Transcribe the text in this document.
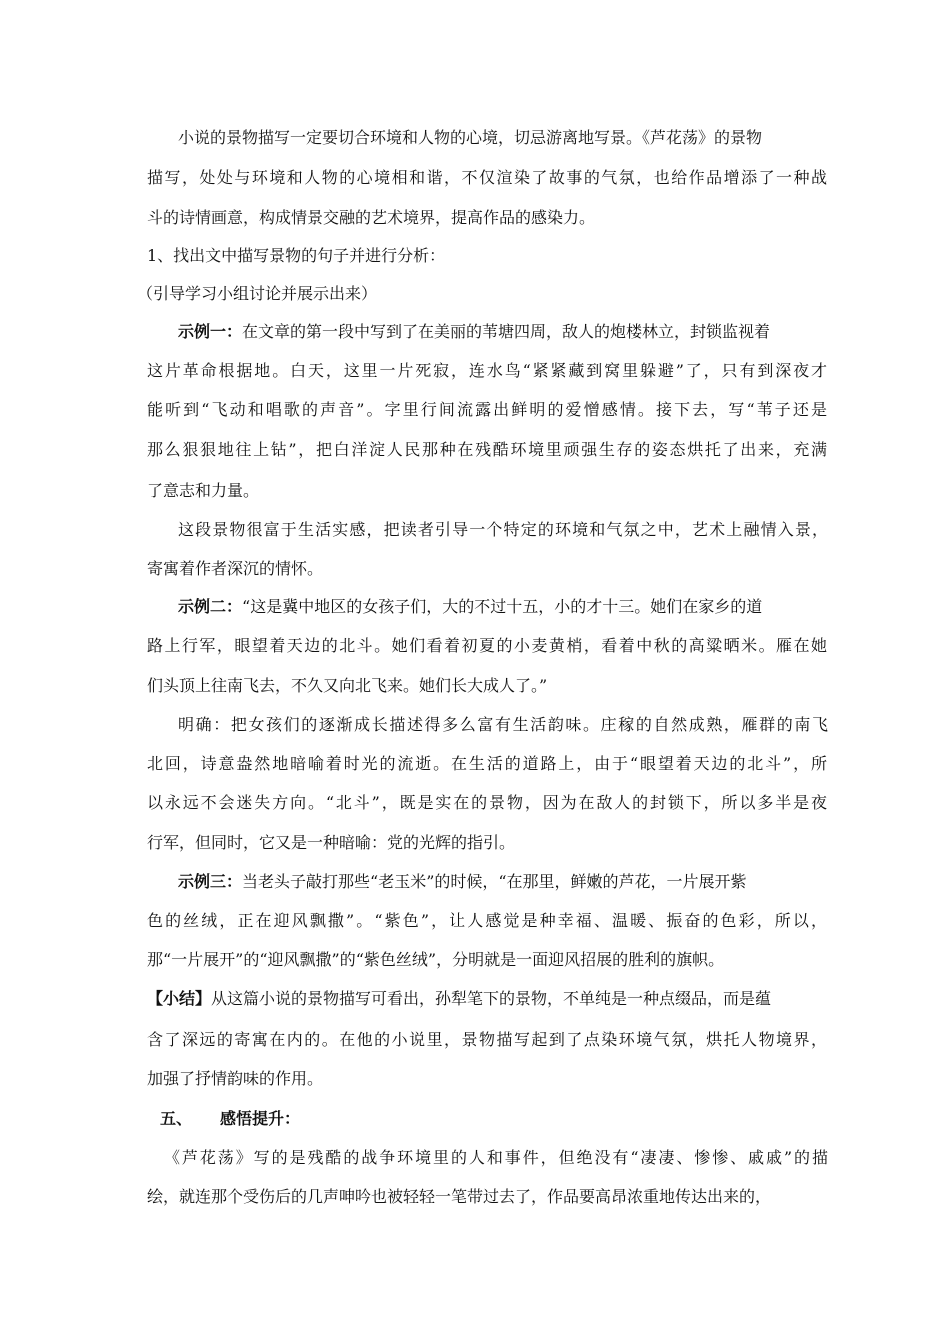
小说的景物描写一定要切合环境和人物的心境，切忌游离地写景。《芦花荡》的景物
描写，处处与环境和人物的心境相和谐，不仅渲染了故事的气氛，也给作品增添了一种战
斗的诗情画意，构成情景交融的艺术境界，提高作品的感染力。
1、找出文中描写景物的句子并进行分析：
（引导学习小组讨论并展示出来）
示例一：在文章的第一段中写到了在美丽的苇塘四周，敌人的炮楼林立，封锁监视着
这片革命根据地。白天，这里一片死寂，连水鸟“紧紧藏到窝里躲避”了，只有到深夜才
能听到“飞动和唱歌的声音”。字里行间流露出鲜明的爱憎感情。接下去，写“苇子还是
那么狠狠地往上钻”，把白洋淀人民那种在残酷环境里顽强生存的姿态烘托了出来，充满
了意志和力量。
这段景物很富于生活实感，把读者引导一个特定的环境和气氛之中，艺术上融情入景，
寄寓着作者深沉的情怀。
示例二：“这是冀中地区的女孩子们，大的不过十五，小的才十三。她们在家乡的道
路上行军，眼望着天边的北斗。她们看着初夏的小麦黄梢，看着中秋的高粱晒米。雁在她
们头顶上往南飞去，不久又向北飞来。她们长大成人了。”
明确：把女孩们的逐渐成长描述得多么富有生活韵味。庄稼的自然成熟，雁群的南飞
北回，诗意盎然地暗喻着时光的流逝。在生活的道路上，由于“眼望着天边的北斗”，所
以永远不会迷失方向。“北斗”，既是实在的景物，因为在敌人的封锁下，所以多半是夜
行军，但同时，它又是一种暗喻：党的光辉的指引。
示例三：当老头子敲打那些“老玉米”的时候，“在那里，鲜嫩的芦花，一片展开紫
色的丝绒，正在迎风飘撒”。“紫色”，让人感觉是种幸福、温暖、振奋的色彩，所以，
那“一片展开”的“迎风飘撒”的“紫色丝绒”，分明就是一面迎风招展的胜利的旗帜。
【小结】从这篇小说的景物描写可看出，孙犁笔下的景物，不单纯是一种点缀品，而是蕴
含了深远的寄寓在内的。在他的小说里，景物描写起到了点染环境气氛，烘托人物境界，
加强了抒情韵味的作用。
五、 感悟提升：
《芦花荡》写的是残酷的战争环境里的人和事件，但绝没有“凄凄、惨惨、戚戚”的描
绘，就连那个受伤后的几声呻吟也被轻轻一笔带过去了，作品要高昂浓重地传达出来的，
